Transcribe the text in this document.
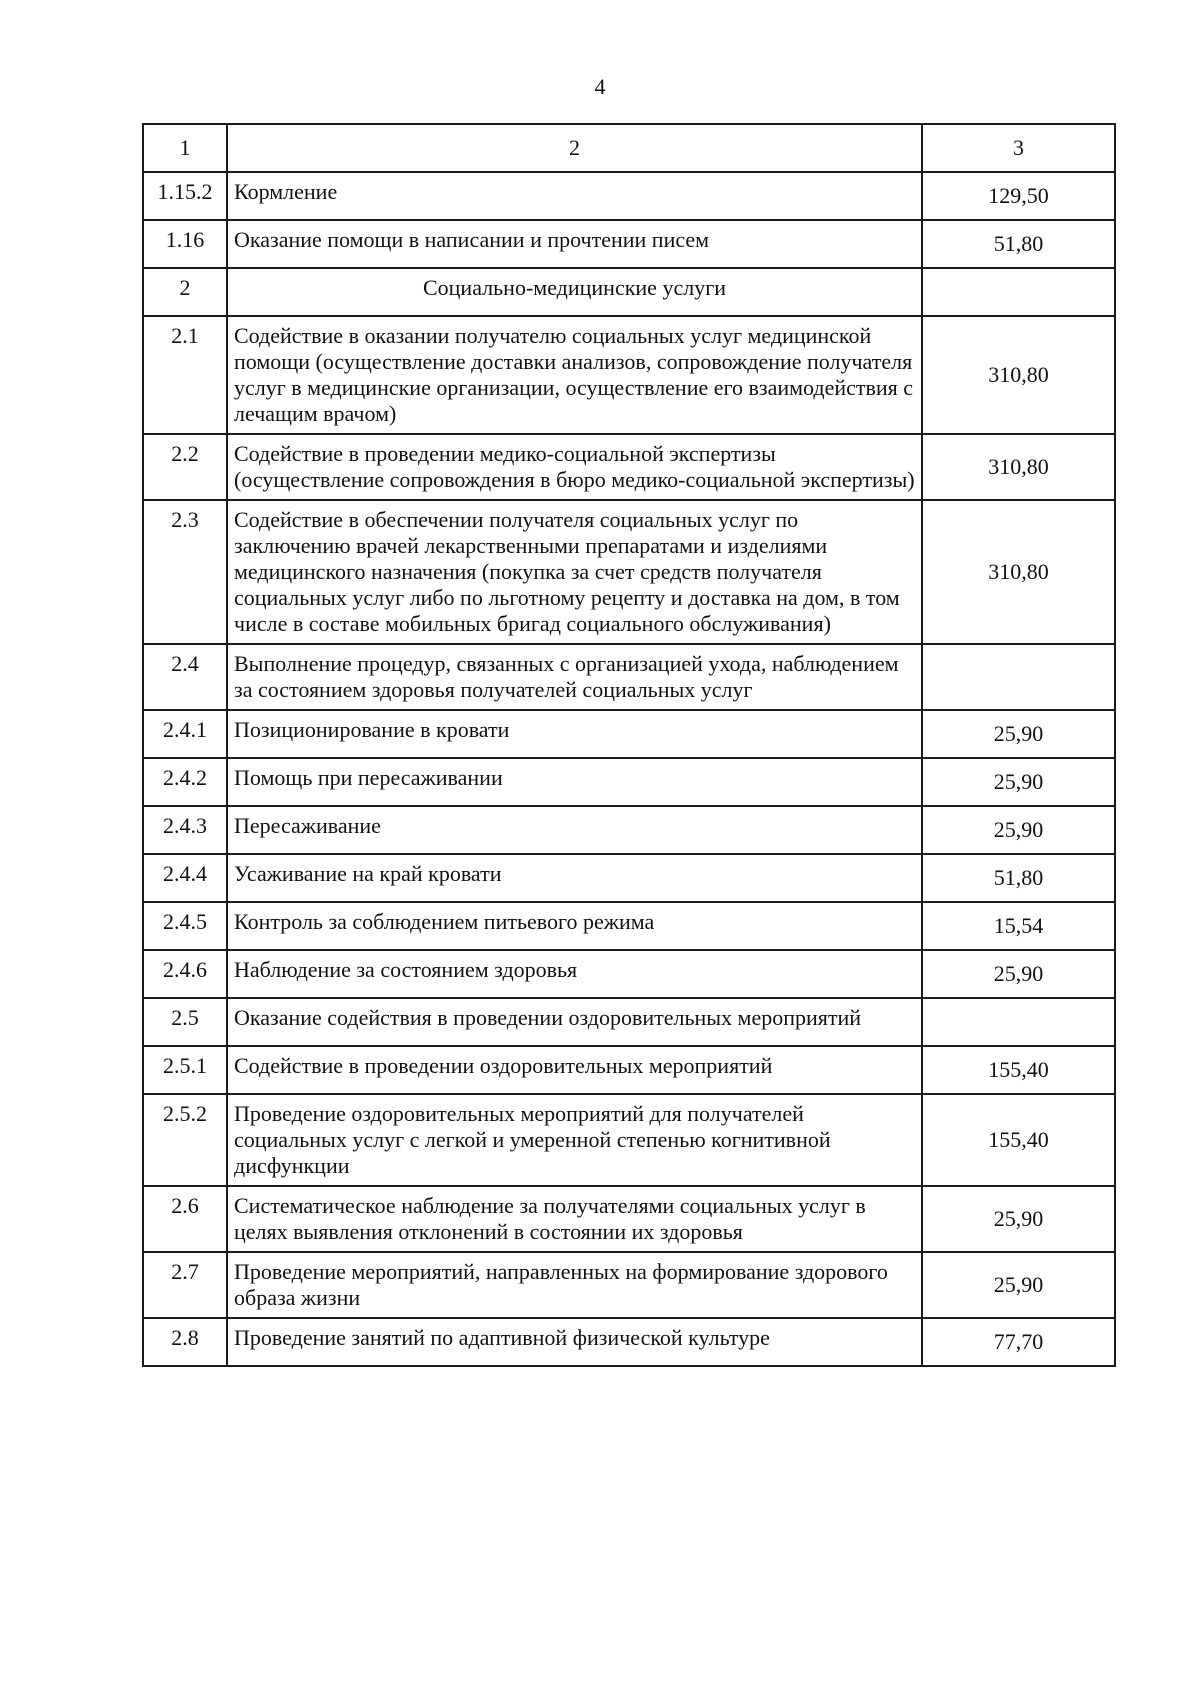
4
1	2	3
1.15.2	Кормление	129,50
1.16	Оказание помощи в написании и прочтении писем	51,80
2	Социально-медицинские услуги	
2.1	Содействие в оказании получателю социальных услуг медицинской помощи (осуществление доставки анализов, сопровождение получателя услуг в медицинские организации, осуществление его взаимодействия с лечащим врачом)	310,80
2.2	Содействие в проведении медико-социальной экспертизы (осуществление сопровождения в бюро медико-социальной экспертизы)	310,80
2.3	Содействие в обеспечении получателя социальных услуг по заключению врачей лекарственными препаратами и изделиями медицинского назначения (покупка за счет средств получателя социальных услуг либо по льготному рецепту и доставка на дом, в том числе в составе мобильных бригад социального обслуживания)	310,80
2.4	Выполнение процедур, связанных с организацией ухода, наблюдением за состоянием здоровья получателей социальных услуг	
2.4.1	Позиционирование в кровати	25,90
2.4.2	Помощь при пересаживании	25,90
2.4.3	Пересаживание	25,90
2.4.4	Усаживание на край кровати	51,80
2.4.5	Контроль за соблюдением питьевого режима	15,54
2.4.6	Наблюдение за состоянием здоровья	25,90
2.5	Оказание содействия в проведении оздоровительных мероприятий	
2.5.1	Содействие в проведении оздоровительных мероприятий	155,40
2.5.2	Проведение оздоровительных мероприятий для получателей социальных услуг с легкой и умеренной степенью когнитивной дисфункции	155,40
2.6	Систематическое наблюдение за получателями социальных услуг в целях выявления отклонений в состоянии их здоровья	25,90
2.7	Проведение мероприятий, направленных на формирование здорового образа жизни	25,90
2.8	Проведение занятий по адаптивной физической культуре	77,70
